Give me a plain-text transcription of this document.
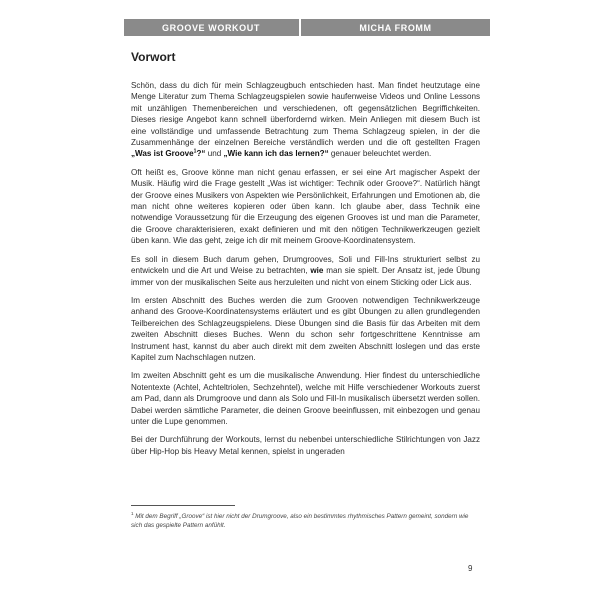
GROOVE WORKOUT	MICHA FROMM
Vorwort

Schön, dass du dich für mein Schlagzeugbuch entschieden hast. Man findet heutzutage eine Menge Literatur zum Thema Schlagzeugspielen sowie haufenweise Videos und Online Lessons mit unzähligen Themenbereichen und verschiedenen, oft gegensätzlichen Begriffichkeiten. Dieses riesige Angebot kann schnell überfordernd wirken. Mein Anliegen mit diesem Buch ist eine vollständige und umfassende Betrachtung zum Thema Schlagzeug spielen, in der die Zusammenhänge der einzelnen Bereiche verständlich werden und die oft gestellten Fragen „Was ist Groove$^1$?“ und „Wie kann ich das lernen?“ genauer beleuchtet werden.

Oft heißt es, Groove könne man nicht genau erfassen, er sei eine Art magischer Aspekt der Musik. Häufig wird die Frage gestellt „Was ist wichtiger: Technik oder Groove?“. Natürlich hängt der Groove eines Musikers von Aspekten wie Persönlichkeit, Erfahrungen und Emotionen ab, die man nicht ohne weiteres kopieren oder üben kann. Ich glaube aber, dass Technik eine notwendige Voraussetzung für die Erzeugung des eigenen Grooves ist und man die Parameter, die Groove charakterisieren, exakt definieren und mit den nötigen Technikwerkzeugen gezielt üben kann. Wie das geht, zeige ich dir mit meinem Groove-Koordinatensystem.

Es soll in diesem Buch darum gehen, Drumgrooves, Soli und Fill-Ins strukturiert selbst zu entwickeln und die Art und Weise zu betrachten, wie man sie spielt. Der Ansatz ist, jede Übung immer von der musikalischen Seite aus herzuleiten und nicht von einem Sticking oder Lick aus.

Im ersten Abschnitt des Buches werden die zum Grooven notwendigen Technikwerkzeuge anhand des Groove-Koordinatensystems erläutert und es gibt Übungen zu allen grundlegenden Teilbereichen des Schlagzeugspielens. Diese Übungen sind die Basis für das Arbeiten mit dem zweiten Abschnitt dieses Buches. Wenn du schon sehr fortgeschrittene Kenntnisse am Instrument hast, kannst du aber auch direkt mit dem zweiten Abschnitt loslegen und das erste Kapitel zum Nachschlagen nutzen.

Im zweiten Abschnitt geht es um die musikalische Anwendung. Hier findest du unterschiedliche Notentexte (Achtel, Achteltriolen, Sechzehntel), welche mit Hilfe verschiedener Workouts zuerst am Pad, dann als Drumgroove und dann als Solo und Fill-In musikalisch übersetzt werden sollen. Dabei werden sämtliche Parameter, die deinen Groove beeinflussen, mit einbezogen und genau unter die Lupe genommen.

Bei der Durchführung der Workouts, lernst du nebenbei unterschiedliche Stilrichtungen von Jazz über Hip-Hop bis Heavy Metal kennen, spielst in ungeraden

$^1$ Mit dem Begriff „Groove“ ist hier nicht der Drumgroove, also ein bestimmtes rhythmisches Pattern gemeint, sondern wie sich das gespielte Pattern anfühlt.

9
